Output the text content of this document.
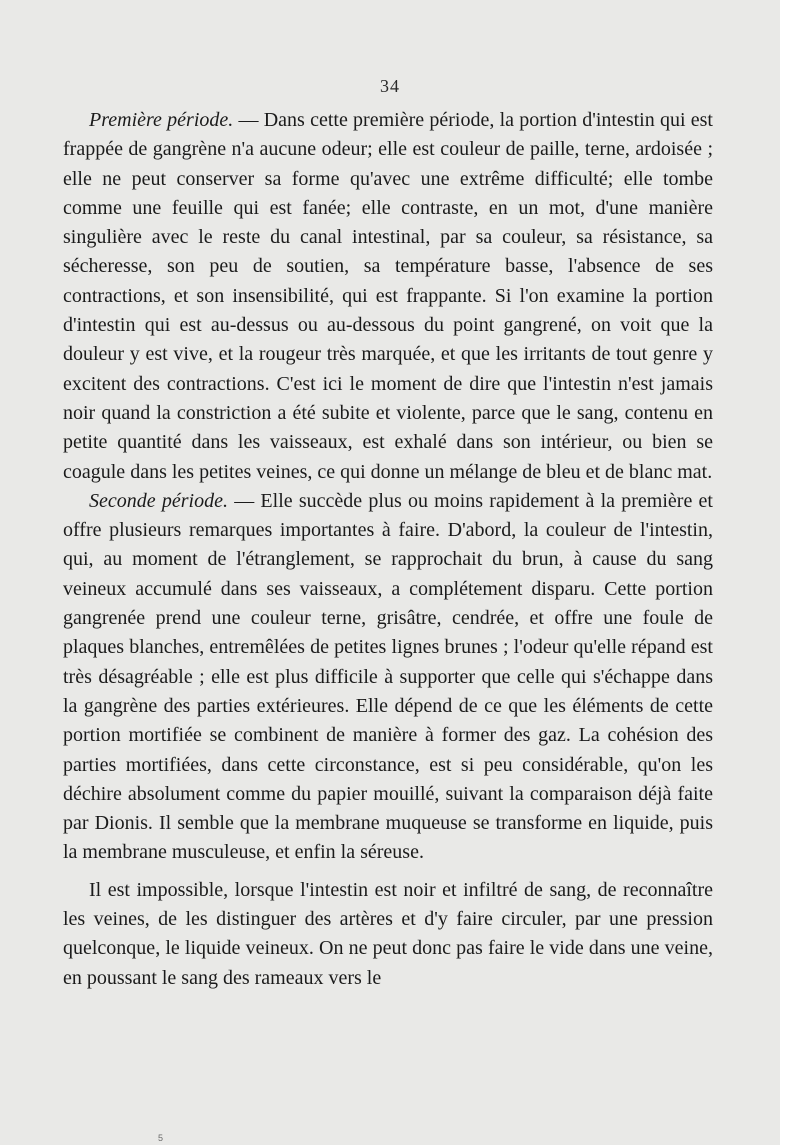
34

Première période. — Dans cette première période, la portion d'intestin qui est frappée de gangrène n'a aucune odeur; elle est couleur de paille, terne, ardoisée ; elle ne peut conserver sa forme qu'avec une extrême difficulté; elle tombe comme une feuille qui est fanée; elle contraste, en un mot, d'une manière singulière avec le reste du canal intestinal, par sa couleur, sa résistance, sa sécheresse, son peu de soutien, sa température basse, l'absence de ses contractions, et son insensibilité, qui est frappante. Si l'on examine la portion d'intestin qui est au-dessus ou au-dessous du point gangrené, on voit que la douleur y est vive, et la rougeur très marquée, et que les irritants de tout genre y excitent des contractions. C'est ici le moment de dire que l'intestin n'est jamais noir quand la constriction a été subite et violente, parce que le sang, contenu en petite quantité dans les vaisseaux, est exhalé dans son intérieur, ou bien se coagule dans les petites veines, ce qui donne un mélange de bleu et de blanc mat.

Seconde période. — Elle succède plus ou moins rapidement à la première et offre plusieurs remarques importantes à faire. D'abord, la couleur de l'intestin, qui, au moment de l'étranglement, se rapprochait du brun, à cause du sang veineux accumulé dans ses vaisseaux, a complétement disparu. Cette portion gangrenée prend une couleur terne, grisâtre, cendrée, et offre une foule de plaques blanches, entremêlées de petites lignes brunes ; l'odeur qu'elle répand est très désagréable ; elle est plus difficile à supporter que celle qui s'échappe dans la gangrène des parties extérieures. Elle dépend de ce que les éléments de cette portion mortifiée se combinent de manière à former des gaz. La cohésion des parties mortifiées, dans cette circonstance, est si peu considérable, qu'on les déchire absolument comme du papier mouillé, suivant la comparaison déjà faite par Dionis. Il semble que la membrane muqueuse se transforme en liquide, puis la membrane musculeuse, et enfin la séreuse.

Il est impossible, lorsque l'intestin est noir et infiltré de sang, de reconnaître les veines, de les distinguer des artères et d'y faire circuler, par une pression quelconque, le liquide veineux. On ne peut donc pas faire le vide dans une veine, en poussant le sang des rameaux vers le

5
